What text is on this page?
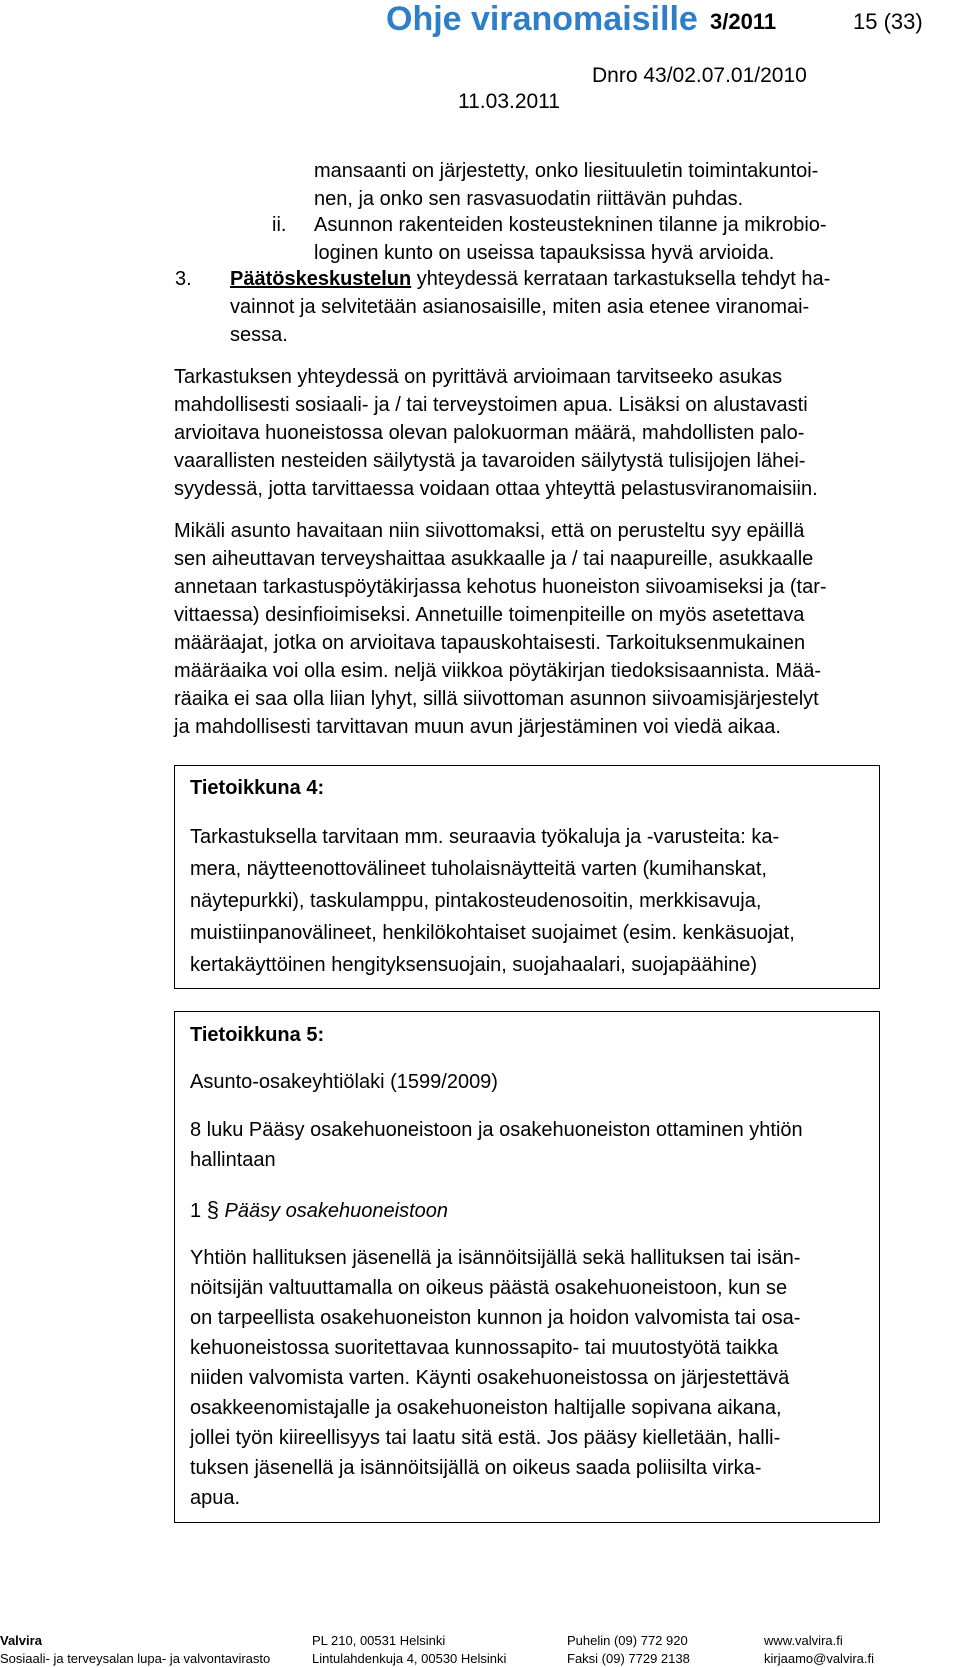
Ohje viranomaisille 3/2011	15 (33)
Dnro 43/02.07.01/2010
11.03.2011
mansaanti on järjestetty, onko liesituuletin toimintakuntoi-
nen, ja onko sen rasvasuodatin riittävän puhdas.
ii. Asunnon rakenteiden kosteustekninen tilanne ja mikrobio-
loginen kunto on useissa tapauksissa hyvä arvioida.
3. Päätöskeskustelun yhteydessä kerrataan tarkastuksella tehdyt ha-
vainnot ja selvitetään asianosaisille, miten asia etenee viranomai-
sessa.
Tarkastuksen yhteydessä on pyrittävä arvioimaan tarvitseeko asukas
mahdollisesti sosiaali- ja / tai terveystoimen apua. Lisäksi on alustavasti
arvioitava huoneistossa olevan palokuorman määrä, mahdollisten palo-
vaarallisten nesteiden säilytystä ja tavaroiden säilytystä tulisijojen lähei-
syydessä, jotta tarvittaessa voidaan ottaa yhteyttä pelastusviranomaisiin.
Mikäli asunto havaitaan niin siivottomaksi, että on perusteltu syy epäillä
sen aiheuttavan terveyshaittaa asukkaalle ja / tai naapureille, asukkaalle
annetaan tarkastuspöytäkirjassa kehotus huoneiston siivoamiseksi ja (tar-
vittaessa) desinfioimiseksi. Annetuille toimenpiteille on myös asetettava
määräajat, jotka on arvioitava tapauskohtaisesti. Tarkoituksenmukainen
määräaika voi olla esim. neljä viikkoa pöytäkirjan tiedoksisaannista. Mää-
räaika ei saa olla liian lyhyt, sillä siivottoman asunnon siivoamisjärjestelyt
ja mahdollisesti tarvittavan muun avun järjestäminen voi viedä aikaa.
Tietoikkuna 4:
Tarkastuksella tarvitaan mm. seuraavia työkaluja ja -varusteita: ka-
mera, näytteenottovälineet tuholaisnäytteitä varten (kumihanskat,
näytepurkki), taskulamppu, pintakosteudenosoitin, merkkisavuja,
muistiinpanovälineet, henkilökohtaiset suojaimet (esim. kenkäsuojat,
kertakäyttöinen hengityksensuojain, suojahaalari, suojapäähine)
Tietoikkuna 5:
Asunto-osakeyhtiölaki (1599/2009)
8 luku Pääsy osakehuoneistoon ja osakehuoneiston ottaminen yhtiön
hallintaan
1 § Pääsy osakehuoneistoon
Yhtiön hallituksen jäsenellä ja isännöitsijällä sekä hallituksen tai isän-
nöitsijän valtuuttamalla on oikeus päästä osakehuoneistoon, kun se
on tarpeellista osakehuoneiston kunnon ja hoidon valvomista tai osa-
kehuoneistossa suoritettavaa kunnossapito- tai muutostyötä taikka
niiden valvomista varten. Käynti osakehuoneistossa on järjestettävä
osakkeenomistajalle ja osakehuoneiston haltijalle sopivana aikana,
jollei työn kiireellisyys tai laatu sitä estä. Jos pääsy kielletään, halli-
tuksen jäsenellä ja isännöitsijällä on oikeus saada poliisilta virka-
apua.
Valvira
Sosiaali- ja terveysalan lupa- ja valvontavirasto
PL 210, 00531 Helsinki
Lintulahdenkuja 4, 00530 Helsinki
Puhelin (09) 772 920
Faksi (09) 7729 2138
www.valvira.fi
kirjaamo@valvira.fi
